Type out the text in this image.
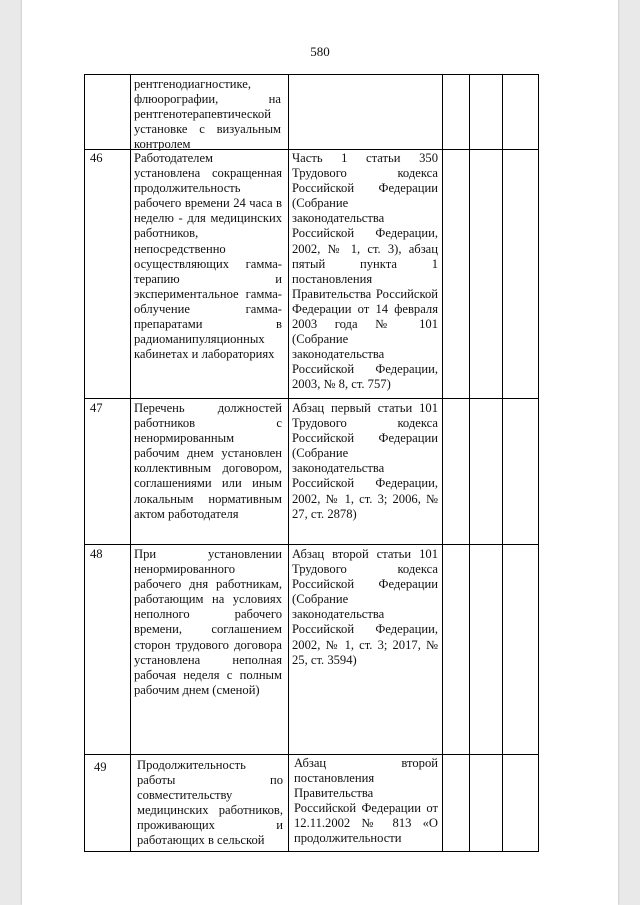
580
рентгенодиагностике, флюорографии, на рентгенотерапевтической установке с визуальным контролем
46 Работодателем установлена сокращенная продолжительность рабочего времени 24 часа в неделю - для медицинских работников, непосредственно осуществляющих гамма-терапию и экспериментальное гамма-облучение гамма-препаратами в радиоманипуляционных кабинетах и лабораториях
Часть 1 статьи 350 Трудового кодекса Российской Федерации (Собрание законодательства Российской Федерации, 2002, № 1, ст. 3), абзац пятый пункта 1 постановления Правительства Российской Федерации от 14 февраля 2003 года № 101 (Собрание законодательства Российской Федерации, 2003, № 8, ст. 757)
47 Перечень должностей работников с ненормированным рабочим днем установлен коллективным договором, соглашениями или иным локальным нормативным актом работодателя
Абзац первый статьи 101 Трудового кодекса Российской Федерации (Собрание законодательства Российской Федерации, 2002, № 1, ст. 3; 2006, № 27, ст. 2878)
48 При установлении ненормированного рабочего дня работникам, работающим на условиях неполного рабочего времени, соглашением сторон трудового договора установлена неполная рабочая неделя с полным рабочим днем (сменой)
Абзац второй статьи 101 Трудового кодекса Российской Федерации (Собрание законодательства Российской Федерации, 2002, № 1, ст. 3; 2017, № 25, ст. 3594)
49 Продолжительность работы по совместительству медицинских работников, проживающих и работающих в сельской
Абзац второй постановления Правительства Российской Федерации от 12.11.2002 № 813 «О продолжительности
